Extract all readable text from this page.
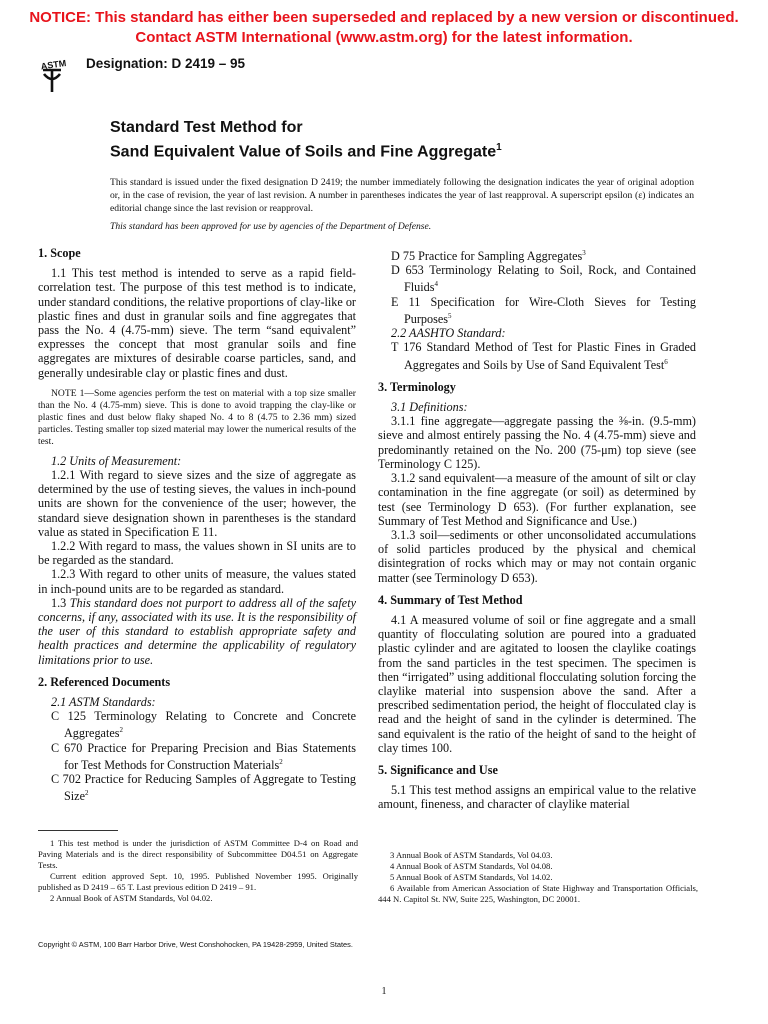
NOTICE: This standard has either been superseded and replaced by a new version or discontinued.
Contact ASTM International (www.astm.org) for the latest information.
ASTM Designation: D 2419 – 95
Standard Test Method for
Sand Equivalent Value of Soils and Fine Aggregate$^1$

This standard is issued under the fixed designation D 2419; the number immediately following the designation indicates the year of original adoption or, in the case of revision, the year of last revision. A number in parentheses indicates the year of last reapproval. A superscript epsilon (ε) indicates an editorial change since the last revision or reapproval.

This standard has been approved for use by agencies of the Department of Defense.

1. Scope

1.1 This test method is intended to serve as a rapid field-correlation test. The purpose of this test method is to indicate, under standard conditions, the relative proportions of clay-like or plastic fines and dust in granular soils and fine aggregates that pass the No. 4 (4.75-mm) sieve. The term “sand equivalent” expresses the concept that most granular soils and fine aggregates are mixtures of desirable coarse particles, sand, and generally undesirable clay or plastic fines and dust.

NOTE 1—Some agencies perform the test on material with a top size smaller than the No. 4 (4.75-mm) sieve. This is done to avoid trapping the clay-like or plastic fines and dust below flaky shaped No. 4 to 8 (4.75 to 2.36 mm) sized particles. Testing smaller top sized material may lower the numerical results of the test.

1.2 Units of Measurement:

1.2.1 With regard to sieve sizes and the size of aggregate as determined by the use of testing sieves, the values in inch-pound units are shown for the convenience of the user; however, the standard sieve designation shown in parentheses is the standard value as stated in Specification E 11.

1.2.2 With regard to mass, the values shown in SI units are to be regarded as the standard.

1.2.3 With regard to other units of measure, the values stated in inch-pound units are to be regarded as standard.

1.3 This standard does not purport to address all of the safety concerns, if any, associated with its use. It is the responsibility of the user of this standard to establish appropriate safety and health practices and determine the applicability of regulatory limitations prior to use.

2. Referenced Documents

2.1 ASTM Standards:

C 125 Terminology Relating to Concrete and Concrete Aggregates$^2$

C 670 Practice for Preparing Precision and Bias Statements for Test Methods for Construction Materials$^2$

C 702 Practice for Reducing Samples of Aggregate to Testing Size$^2$

D 75 Practice for Sampling Aggregates$^3$

D 653 Terminology Relating to Soil, Rock, and Contained Fluids$^4$

E 11 Specification for Wire-Cloth Sieves for Testing Purposes$^5$

2.2 AASHTO Standard:

T 176 Standard Method of Test for Plastic Fines in Graded Aggregates and Soils by Use of Sand Equivalent Test$^6$

3. Terminology

3.1 Definitions:

3.1.1 fine aggregate—aggregate passing the ⅜-in. (9.5-mm) sieve and almost entirely passing the No. 4 (4.75-mm) sieve and predominantly retained on the No. 200 (75-μm) top sieve (see Terminology C 125).

3.1.2 sand equivalent—a measure of the amount of silt or clay contamination in the fine aggregate (or soil) as determined by test (see Terminology D 653). (For further explanation, see Summary of Test Method and Significance and Use.)

3.1.3 soil—sediments or other unconsolidated accumulations of solid particles produced by the physical and chemical disintegration of rocks which may or may not contain organic matter (see Terminology D 653).

4. Summary of Test Method

4.1 A measured volume of soil or fine aggregate and a small quantity of flocculating solution are poured into a graduated plastic cylinder and are agitated to loosen the claylike coatings from the sand particles in the test specimen. The specimen is then “irrigated” using additional flocculating solution forcing the claylike material into suspension above the sand. After a prescribed sedimentation period, the height of flocculated clay is read and the height of sand in the cylinder is determined. The sand equivalent is the ratio of the height of sand to the height of clay times 100.

5. Significance and Use

5.1 This test method assigns an empirical value to the relative amount, fineness, and character of claylike material

1 This test method is under the jurisdiction of ASTM Committee D-4 on Road and Paving Materials and is the direct responsibility of Subcommittee D04.51 on Aggregate Tests.

Current edition approved Sept. 10, 1995. Published November 1995. Originally published as D 2419 – 65 T. Last previous edition D 2419 – 91.

2 Annual Book of ASTM Standards, Vol 04.02.

3 Annual Book of ASTM Standards, Vol 04.03.

4 Annual Book of ASTM Standards, Vol 04.08.

5 Annual Book of ASTM Standards, Vol 14.02.

6 Available from American Association of State Highway and Transportation Officials, 444 N. Capitol St. NW, Suite 225, Washington, DC 20001.

Copyright © ASTM, 100 Barr Harbor Drive, West Conshohocken, PA 19428-2959, United States.
1
